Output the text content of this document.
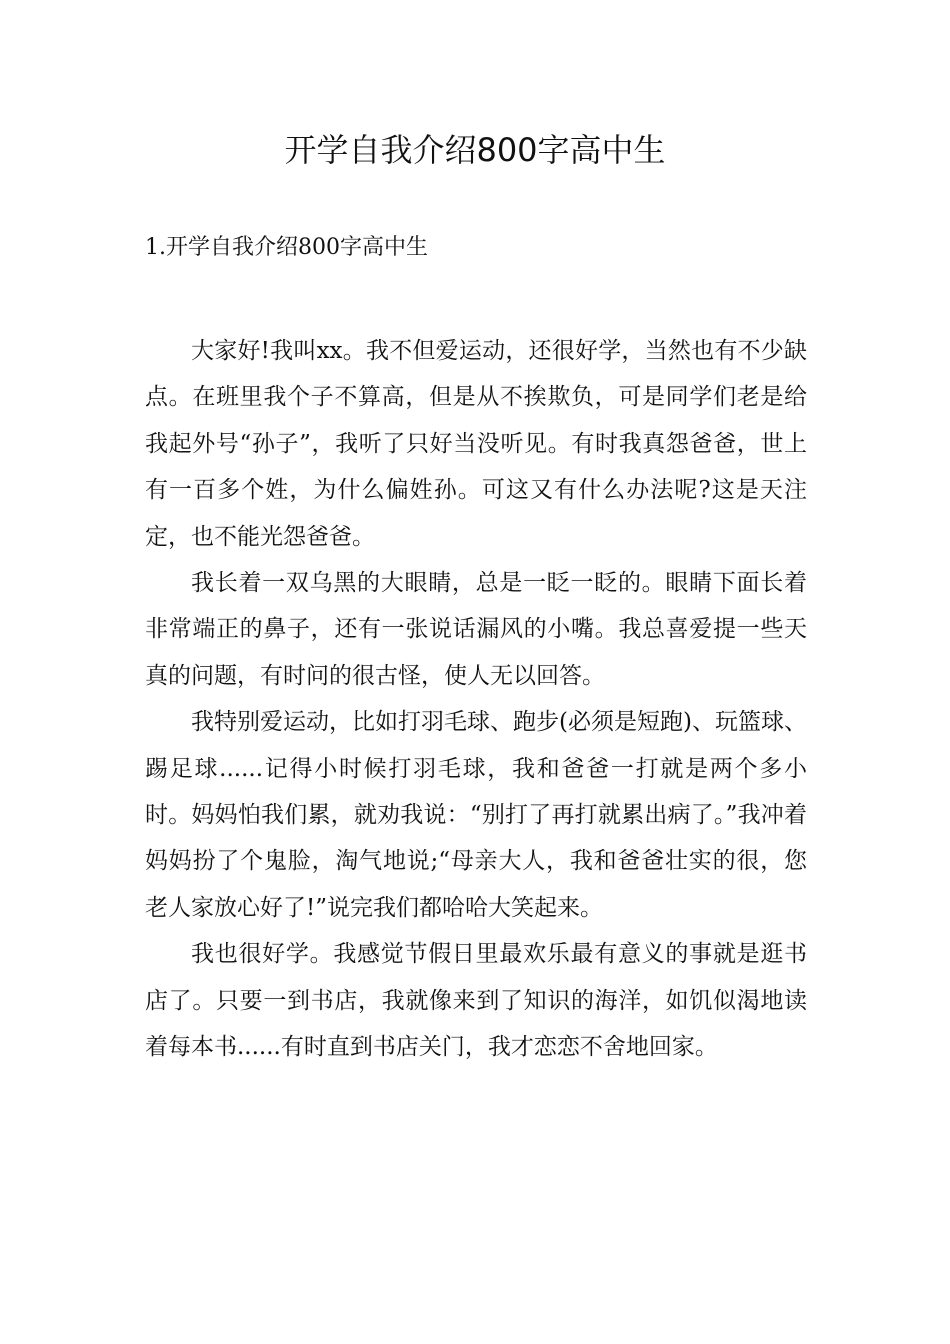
开学自我介绍800字高中生
1.开学自我介绍800字高中生

大家好!我叫xx。我不但爱运动，还很好学，当然也有不少缺点。在班里我个子不算高，但是从不挨欺负，可是同学们老是给我起外号“孙子”，我听了只好当没听见。有时我真怨爸爸，世上有一百多个姓，为什么偏姓孙。可这又有什么办法呢?这是天注定，也不能光怨爸爸。

我长着一双乌黑的大眼睛，总是一眨一眨的。眼睛下面长着非常端正的鼻子，还有一张说话漏风的小嘴。我总喜爱提一些天真的问题，有时问的很古怪，使人无以回答。

我特别爱运动，比如打羽毛球、跑步(必须是短跑)、玩篮球、踢足球......记得小时候打羽毛球，我和爸爸一打就是两个多小时。妈妈怕我们累，就劝我说：“别打了再打就累出病了。”我冲着妈妈扮了个鬼脸，淘气地说;“母亲大人，我和爸爸壮实的很，您老人家放心好了!”说完我们都哈哈大笑起来。

我也很好学。我感觉节假日里最欢乐最有意义的事就是逛书店了。只要一到书店，我就像来到了知识的海洋，如饥似渴地读着每本书......有时直到书店关门，我才恋恋不舍地回家。
